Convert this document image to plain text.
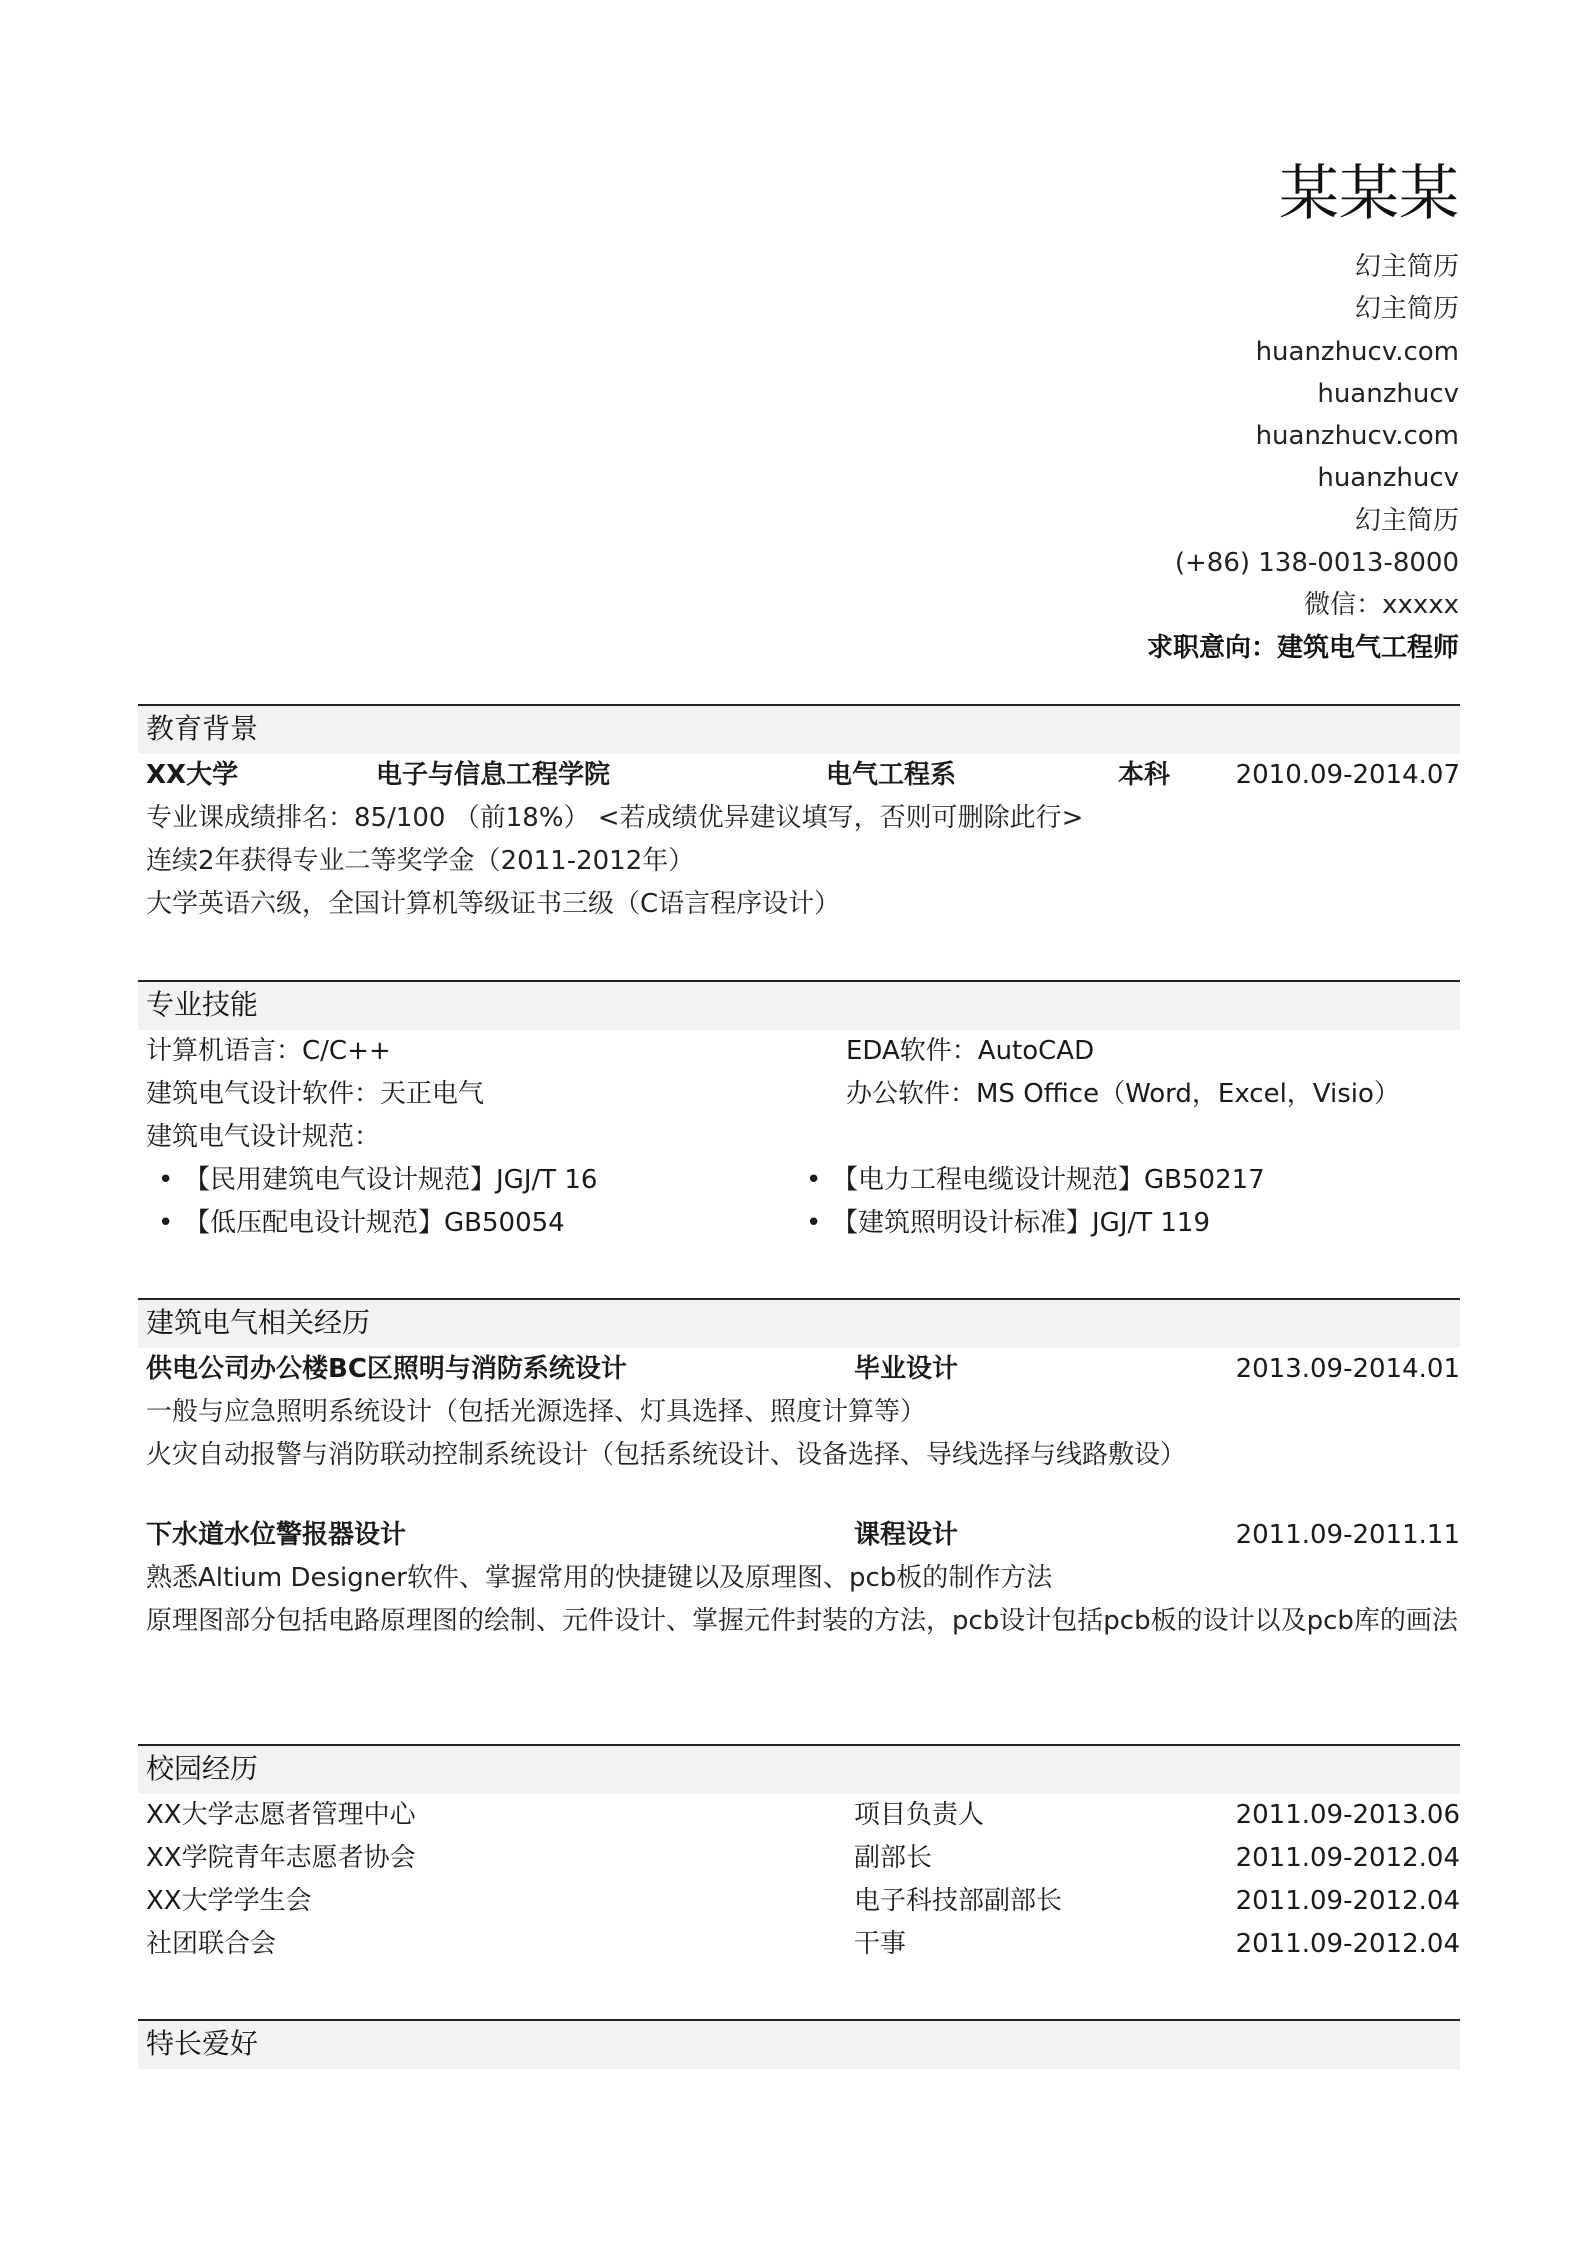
某某某
幻主简历
幻主简历
huanzhucv.com
huanzhucv
huanzhucv.com
huanzhucv
幻主简历
(+86) 138-0013-8000
微信：xxxxx
求职意向：建筑电气工程师
教育背景
XX大学	电子与信息工程学院	电气工程系	本科	2010.09-2014.07
专业课成绩排名：85/100 （前18%） <若成绩优异建议填写，否则可删除此行>
连续2年获得专业二等奖学金（2011-2012年）
大学英语六级，全国计算机等级证书三级（C语言程序设计）
专业技能
计算机语言：C/C++	EDA软件：AutoCAD
建筑电气设计软件：天正电气	办公软件：MS Office（Word，Excel，Visio）
建筑电气设计规范：
• 【民用建筑电气设计规范】JGJ/T 16	• 【电力工程电缆设计规范】GB50217
• 【低压配电设计规范】GB50054	• 【建筑照明设计标准】JGJ/T 119
建筑电气相关经历
供电公司办公楼BC区照明与消防系统设计	毕业设计	2013.09-2014.01
一般与应急照明系统设计（包括光源选择、灯具选择、照度计算等）
火灾自动报警与消防联动控制系统设计（包括系统设计、设备选择、导线选择与线路敷设）
下水道水位警报器设计	课程设计	2011.09-2011.11
熟悉Altium Designer软件、掌握常用的快捷键以及原理图、pcb板的制作方法
原理图部分包括电路原理图的绘制、元件设计、掌握元件封装的方法，pcb设计包括pcb板的设计以及pcb库的画法
校园经历
XX大学志愿者管理中心	项目负责人	2011.09-2013.06
XX学院青年志愿者协会	副部长	2011.09-2012.04
XX大学学生会	电子科技部副部长	2011.09-2012.04
社团联合会	干事	2011.09-2012.04
特长爱好
